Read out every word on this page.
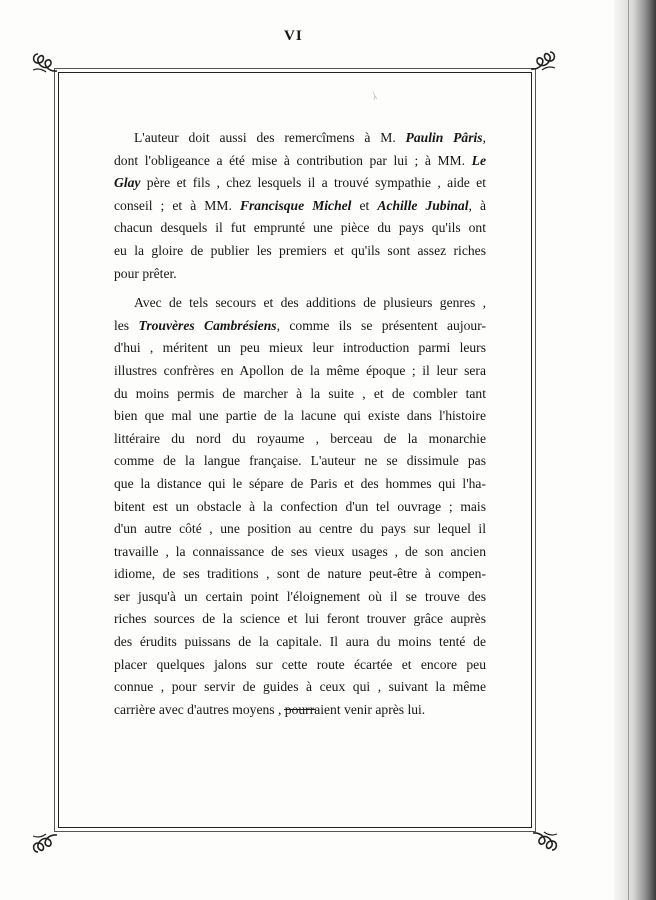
VI

L'auteur doit aussi des remercîmens à M. Paulin Pâris,
dont l'obligeance a été mise à contribution par lui ; à MM. Le
Glay père et fils , chez lesquels il a trouvé sympathie , aide et
conseil ; et à MM. Francisque Michel et Achille Jubinal, à
chacun desquels il fut emprunté une pièce du pays qu'ils ont
eu la gloire de publier les premiers et qu'ils sont assez riches
pour prêter.

Avec de tels secours et des additions de plusieurs genres ,
les Trouvères Cambrésiens, comme ils se présentent aujour-
d'hui , méritent un peu mieux leur introduction parmi leurs
illustres confrères en Apollon de la même époque ; il leur sera
du moins permis de marcher à la suite , et de combler tant
bien que mal une partie de la lacune qui existe dans l'histoire
littéraire du nord du royaume , berceau de la monarchie
comme de la langue française. L'auteur ne se dissimule pas
que la distance qui le sépare de Paris et des hommes qui l'ha-
bitent est un obstacle à la confection d'un tel ouvrage ; mais
d'un autre côté , une position au centre du pays sur lequel il
travaille , la connaissance de ses vieux usages , de son ancien
idiome, de ses traditions , sont de nature peut-être à compen-
ser jusqu'à un certain point l'éloignement où il se trouve des
riches sources de la science et lui feront trouver grâce auprès
des érudits puissans de la capitale. Il aura du moins tenté de
placer quelques jalons sur cette route écartée et encore peu
connue , pour servir de guides à ceux qui , suivant la même
carrière avec d'autres moyens , pourraient venir après lui.
